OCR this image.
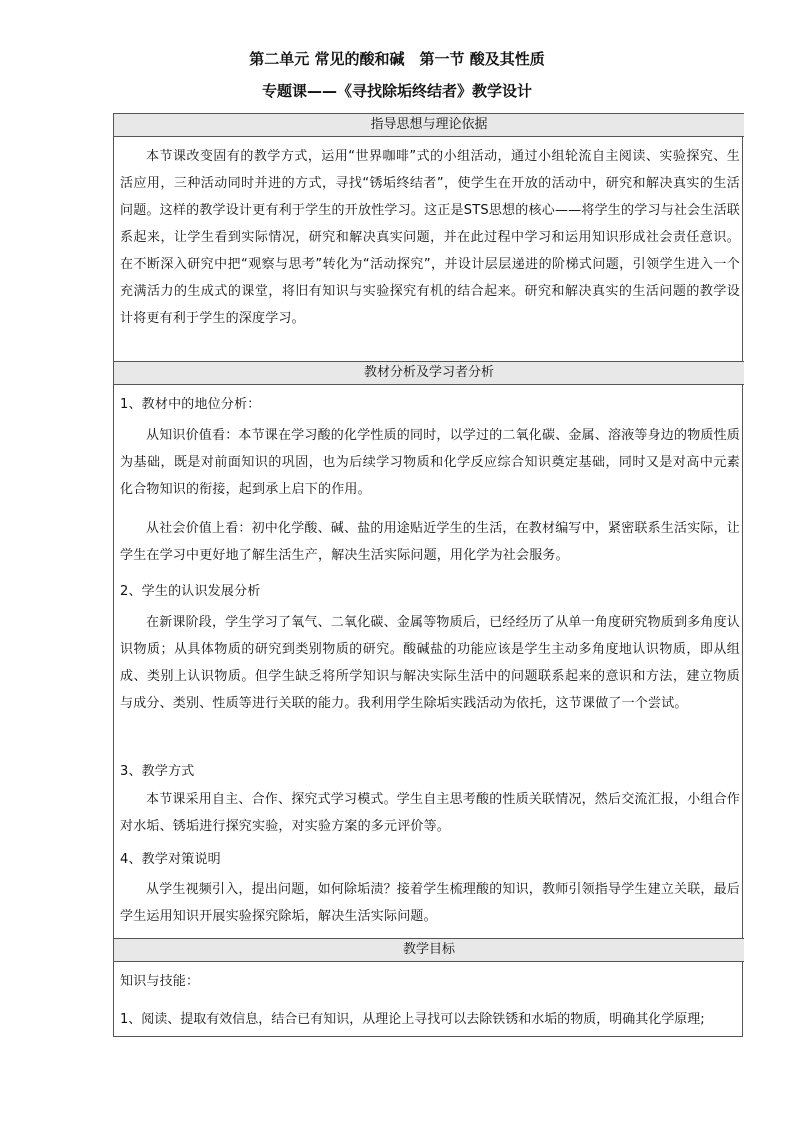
第二单元 常见的酸和碱　第一节 酸及其性质
专题课——《寻找除垢终结者》教学设计
指导思想与理论依据

本节课改变固有的教学方式，运用“世界咖啡”式的小组活动，通过小组轮流自主阅读、实验探究、生活应用，三种活动同时并进的方式，寻找“锈垢终结者”，使学生在开放的活动中，研究和解决真实的生活问题。这样的教学设计更有利于学生的开放性学习。这正是STS思想的核心——将学生的学习与社会生活联系起来，让学生看到实际情况，研究和解决真实问题，并在此过程中学习和运用知识形成社会责任意识。在不断深入研究中把“观察与思考”转化为“活动探究”，并设计层层递进的阶梯式问题，引领学生进入一个充满活力的生成式的课堂，将旧有知识与实验探究有机的结合起来。研究和解决真实的生活问题的教学设计将更有利于学生的深度学习。

教材分析及学习者分析

1、教材中的地位分析：

从知识价值看：本节课在学习酸的化学性质的同时，以学过的二氧化碳、金属、溶液等身边的物质性质为基础，既是对前面知识的巩固，也为后续学习物质和化学反应综合知识奠定基础，同时又是对高中元素化合物知识的衔接，起到承上启下的作用。

从社会价值上看：初中化学酸、碱、盐的用途贴近学生的生活，在教材编写中，紧密联系生活实际，让学生在学习中更好地了解生活生产，解决生活实际问题，用化学为社会服务。

2、学生的认识发展分析

在新课阶段，学生学习了氧气、二氧化碳、金属等物质后，已经经历了从单一角度研究物质到多角度认识物质；从具体物质的研究到类别物质的研究。酸碱盐的功能应该是学生主动多角度地认识物质，即从组成、类别上认识物质。但学生缺乏将所学知识与解决实际生活中的问题联系起来的意识和方法，建立物质与成分、类别、性质等进行关联的能力。我利用学生除垢实践活动为依托，这节课做了一个尝试。

3、教学方式

本节课采用自主、合作、探究式学习模式。学生自主思考酸的性质关联情况，然后交流汇报，小组合作对水垢、锈垢进行探究实验，对实验方案的多元评价等。

4、教学对策说明

从学生视频引入，提出问题，如何除垢渍？接着学生梳理酸的知识，教师引领指导学生建立关联，最后学生运用知识开展实验探究除垢，解决生活实际问题。

教学目标

知识与技能：

1、阅读、提取有效信息，结合已有知识，从理论上寻找可以去除铁锈和水垢的物质，明确其化学原理;
